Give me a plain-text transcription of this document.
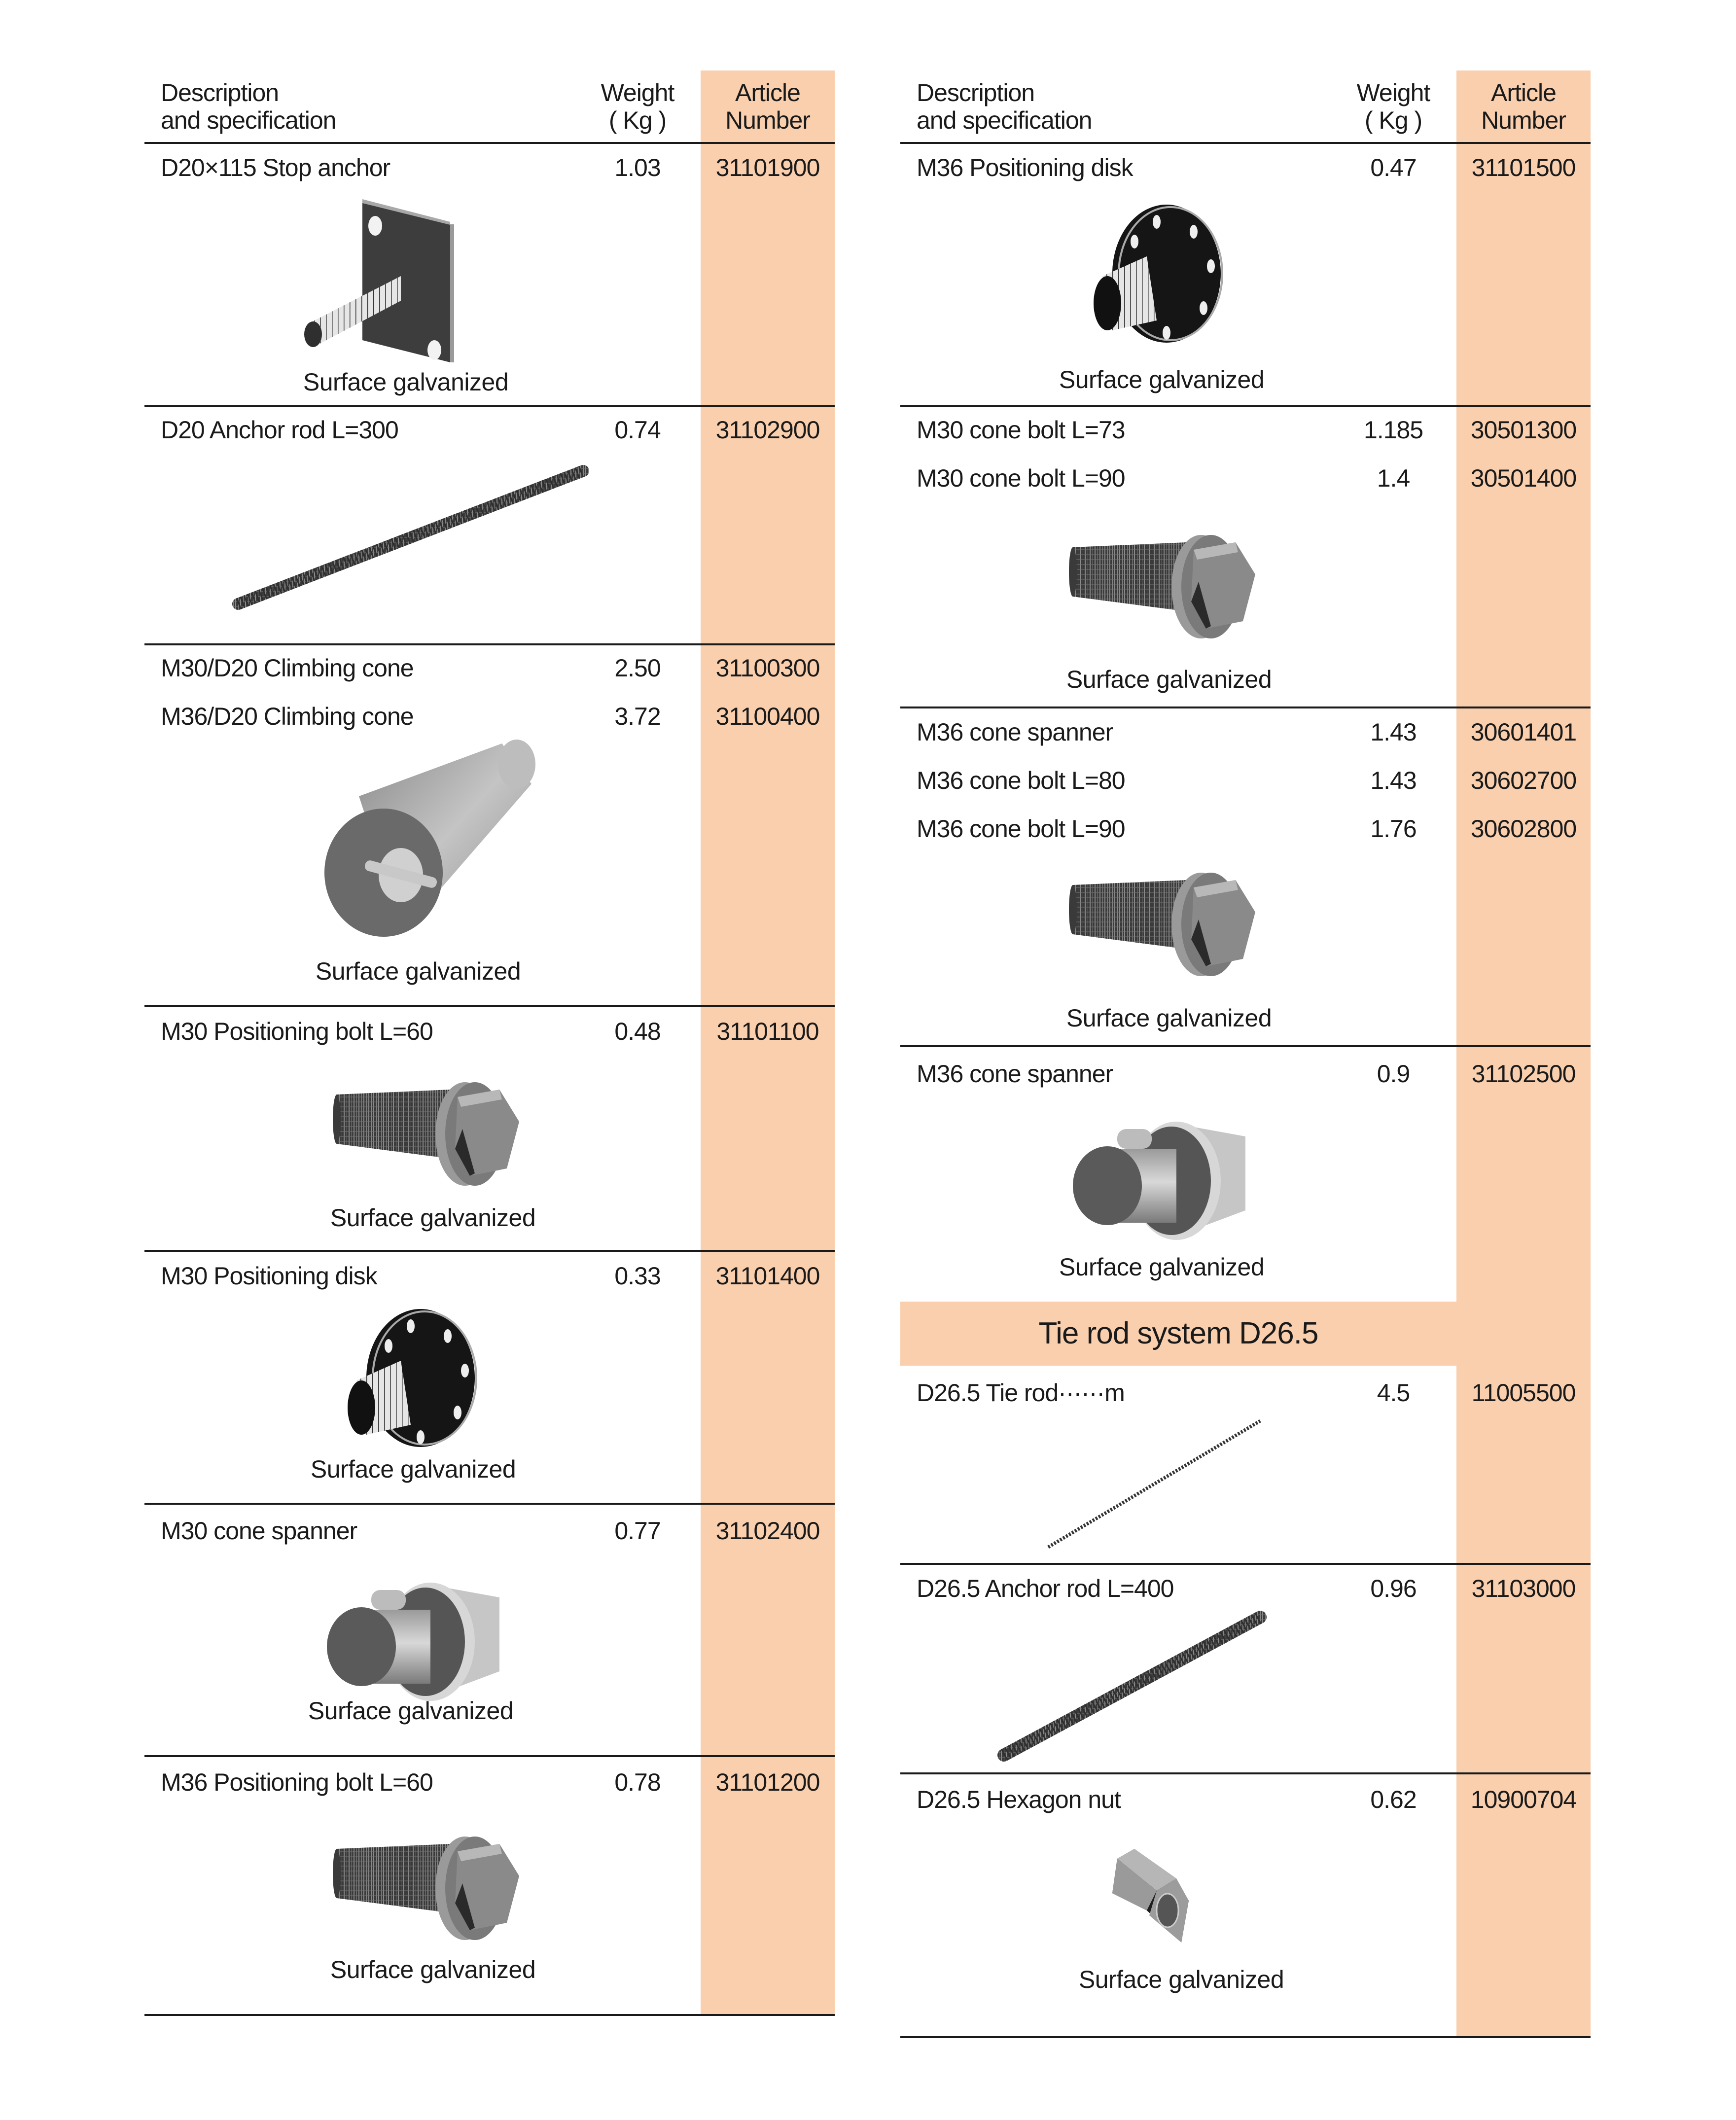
Description
and specification
Weight
( Kg )
Article
Number
D20×115 Stop anchor	1.03	31101900
Surface galvanized
D20 Anchor rod L=300	0.74	31102900
M30/D20 Climbing cone	2.50	31100300
M36/D20 Climbing cone	3.72	31100400
Surface galvanized
M30 Positioning bolt L=60	0.48	31101100
Surface galvanized
M30 Positioning disk	0.33	31101400
Surface galvanized
M30 cone spanner	0.77	31102400
Surface galvanized
M36 Positioning bolt L=60	0.78	31101200
Surface galvanized
Description
and specification
Weight
( Kg )
Article
Number
M36 Positioning disk	0.47	31101500
Surface galvanized
M30 cone bolt L=73	1.185	30501300
M30 cone bolt L=90	1.4	30501400
Surface galvanized
M36 cone spanner	1.43	30601401
M36 cone bolt L=80	1.43	30602700
M36 cone bolt L=90	1.76	30602800
Surface galvanized
M36 cone spanner	0.9	31102500
Surface galvanized
Tie rod system D26.5
D26.5 Tie rod······m	4.5	11005500
D26.5 Anchor rod L=400	0.96	31103000
D26.5 Hexagon nut	0.62	10900704
Surface galvanized
